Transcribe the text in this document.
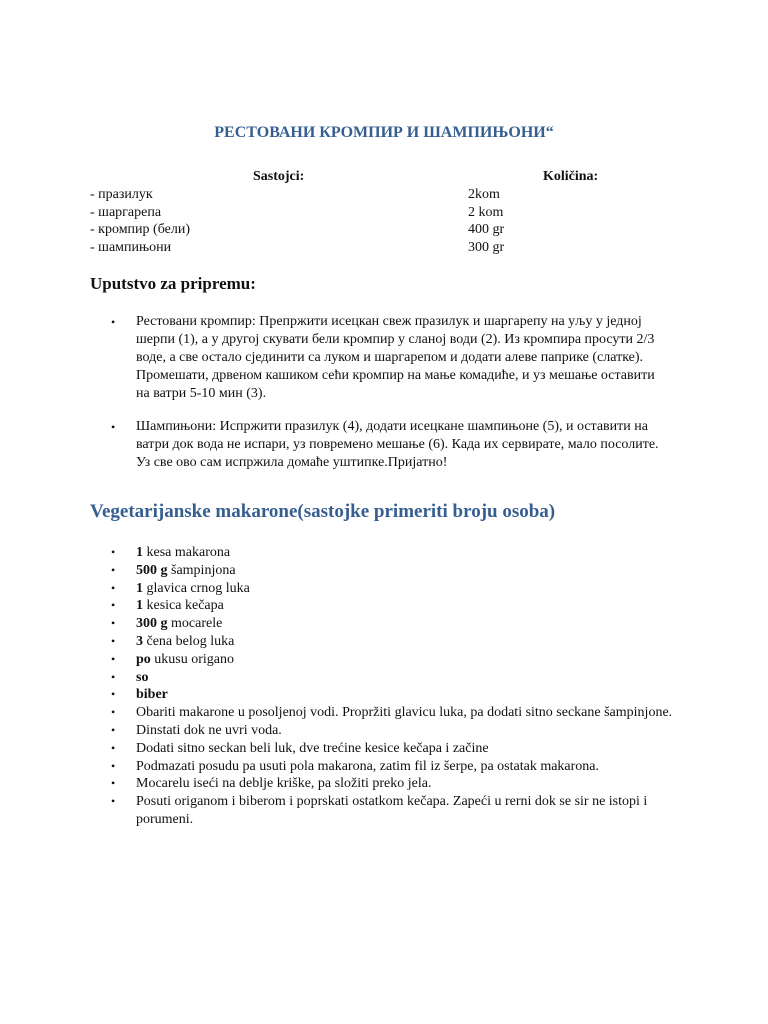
РЕСТОВАНИ КРОМПИР И ШАМПИЊОНИ“
Sastojci:	Količina:
- празилук	2kom
- шаргарепа	2 kom
- кромпир (бели)	400 gr
- шампињони	300 gr
Uputstvo za pripremu:
• Рестовани кромпир: Препржити исецкан свеж празилук и шаргарепу на уљу у једној шерпи (1), а у другој скувати бели кромпир у сланој води (2). Из кромпира просути 2/3 воде, а све остало сјединити са луком и шаргарепом и додати алеве паприке (слатке). Промешати, дрвеном кашиком сећи кромпир на мање комадиће, и уз мешање оставити на ватри 5-10 мин (3).
• Шампињони: Испржити празилук (4), додати исецкане шампињоне (5), и оставити на ватри док вода не испари, уз повремено мешање (6). Када их сервирате, мало посолите. Уз све ово сам испржила домаће уштипке.Пријатно!
Vegetarijanske makarone(sastojke primeriti broju osoba)
• 1 kesa makarona
• 500 g šampinjona
• 1 glavica crnog luka
• 1 kesica kečapa
• 300 g mocarele
• 3 čena belog luka
• po ukusu origano
• so
• biber
• Obariti makarone u posoljenoj vodi. Propržiti glavicu luka, pa dodati sitno seckane šampinjone.
• Dinstati dok ne uvri voda.
• Dodati sitno seckan beli luk, dve trećine kesice kečapa i začine
• Podmazati posudu pa usuti pola makarona, zatim fil iz šerpe, pa ostatak makarona.
• Mocarelu iseći na deblje kriške, pa složiti preko jela.
• Posuti origanom i biberom i poprskati ostatkom kečapa. Zapeći u rerni dok se sir ne istopi i porumeni.
